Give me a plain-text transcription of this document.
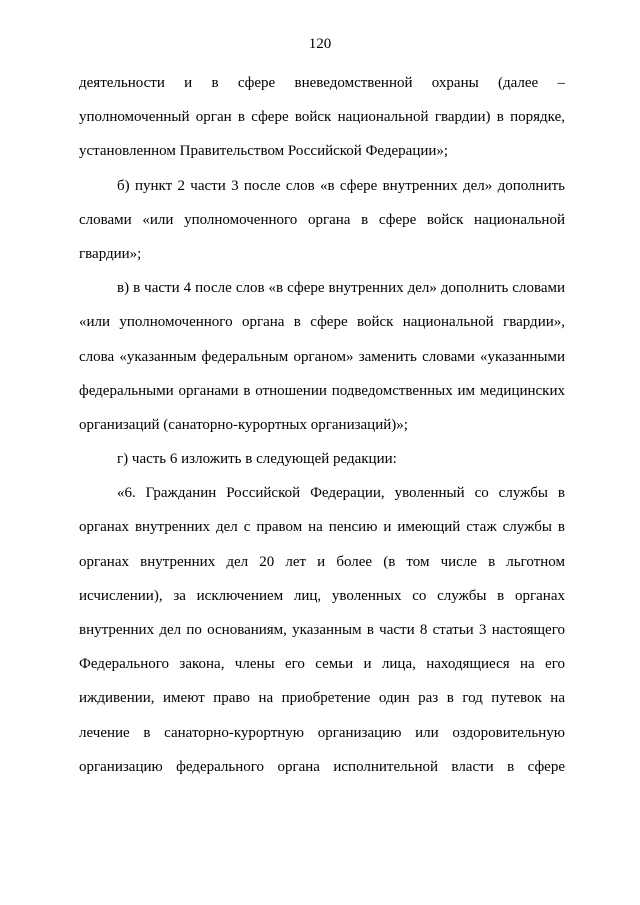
120
деятельности и в сфере вневедомственной охраны (далее –
уполномоченный орган в сфере войск национальной гвардии) в порядке,
установленном Правительством Российской Федерации»;
б) пункт 2 части 3 после слов «в сфере внутренних дел» дополнить
словами «или уполномоченного органа в сфере войск национальной
гвардии»;
в) в части 4 после слов «в сфере внутренних дел» дополнить словами
«или уполномоченного органа в сфере войск национальной гвардии»,
слова «указанным федеральным органом» заменить словами «указанными
федеральными органами в отношении подведомственных им медицинских
организаций (санаторно-курортных организаций)»;
г) часть 6 изложить в следующей редакции:
«6. Гражданин Российской Федерации, уволенный со службы в
органах внутренних дел с правом на пенсию и имеющий стаж службы в
органах внутренних дел 20 лет и более (в том числе в льготном
исчислении), за исключением лиц, уволенных со службы в органах
внутренних дел по основаниям, указанным в части 8 статьи 3 настоящего
Федерального закона, члены его семьи и лица, находящиеся на его
иждивении, имеют право на приобретение один раз в год путевок на
лечение в санаторно-курортную организацию или оздоровительную
организацию федерального органа исполнительной власти в сфере
